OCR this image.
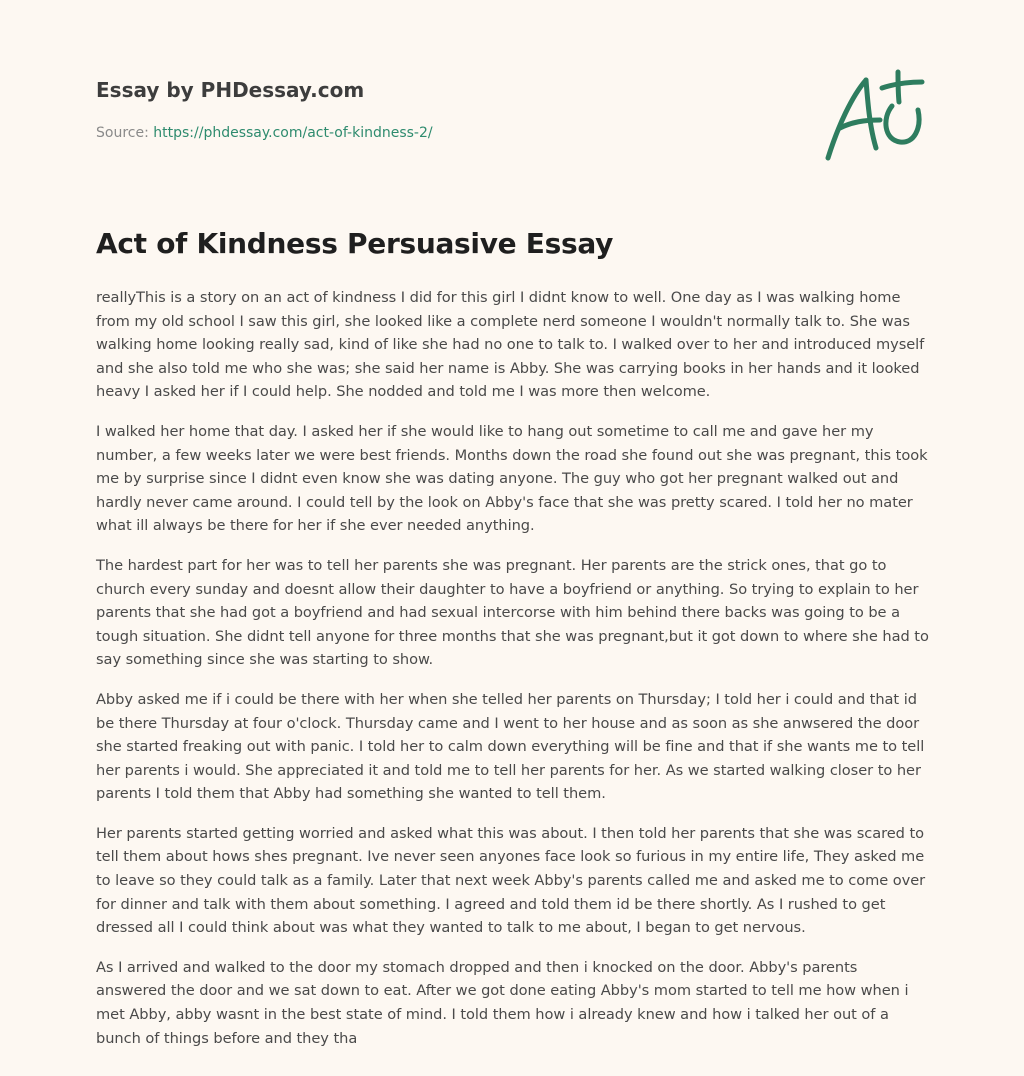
Essay by PHDessay.com
Source: https://phdessay.com/act-of-kindness-2/
Act of Kindness Persuasive Essay

reallyThis is a story on an act of kindness I did for this girl I didnt know to well. One day as I was walking home from my old school I saw this girl, she looked like a complete nerd someone I wouldn't normally talk to. She was walking home looking really sad, kind of like she had no one to talk to. I walked over to her and introduced myself and she also told me who she was; she said her name is Abby. She was carrying books in her hands and it looked heavy I asked her if I could help. She nodded and told me I was more then welcome.

I walked her home that day. I asked her if she would like to hang out sometime to call me and gave her my number, a few weeks later we were best friends. Months down the road she found out she was pregnant, this took me by surprise since I didnt even know she was dating anyone. The guy who got her pregnant walked out and hardly never came around. I could tell by the look on Abby's face that she was pretty scared. I told her no mater what ill always be there for her if she ever needed anything.

The hardest part for her was to tell her parents she was pregnant. Her parents are the strick ones, that go to church every sunday and doesnt allow their daughter to have a boyfriend or anything. So trying to explain to her parents that she had got a boyfriend and had sexual intercorse with him behind there backs was going to be a tough situation. She didnt tell anyone for three months that she was pregnant,but it got down to where she had to say something since she was starting to show.

Abby asked me if i could be there with her when she telled her parents on Thursday; I told her i could and that id be there Thursday at four o'clock. Thursday came and I went to her house and as soon as she anwsered the door she started freaking out with panic. I told her to calm down everything will be fine and that if she wants me to tell her parents i would. She appreciated it and told me to tell her parents for her. As we started walking closer to her parents I told them that Abby had something she wanted to tell them.

Her parents started getting worried and asked what this was about. I then told her parents that she was scared to tell them about hows shes pregnant. Ive never seen anyones face look so furious in my entire life, They asked me to leave so they could talk as a family. Later that next week Abby's parents called me and asked me to come over for dinner and talk with them about something. I agreed and told them id be there shortly. As I rushed to get dressed all I could think about was what they wanted to talk to me about, I began to get nervous.

As I arrived and walked to the door my stomach dropped and then i knocked on the door. Abby's parents answered the door and we sat down to eat. After we got done eating Abby's mom started to tell me how when i met Abby, abby wasnt in the best state of mind. I told them how i already knew and how i talked her out of a bunch of things before and they tha
